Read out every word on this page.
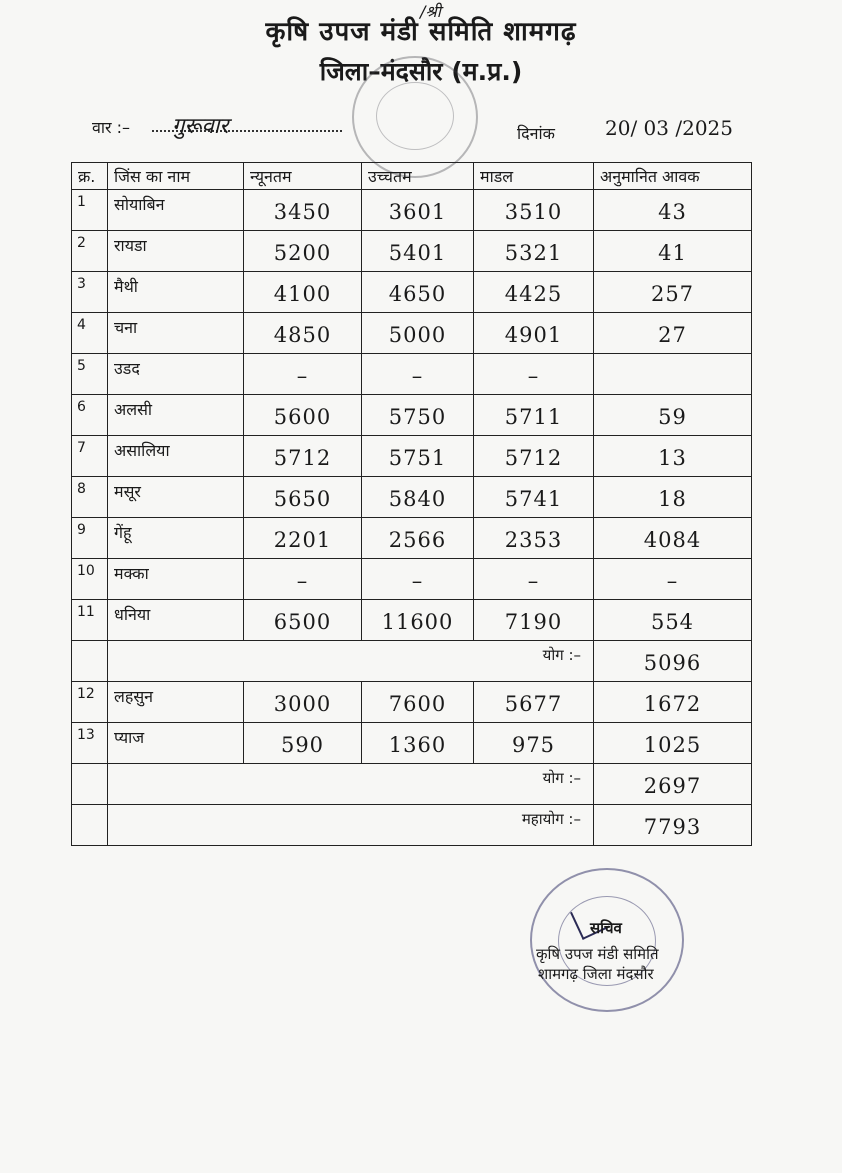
/श्री
कृषि उपज मंडी समिति शामगढ़
जिला–मंदसौर (म.प्र.)
वार :– गुरूवार	दिनांक	20/ 03 /2025
क्र.	जिंस का नाम	न्यूनतम	उच्चतम	माडल	अनुमानित आवक

1	सोयाबिन	3450	3601	3510	43

2	रायडा	5200	5401	5321	41

3	मैथी	4100	4650	4425	257

4	चना	4850	5000	4901	27

5	उडद	–	–	–	

6	अलसी	5600	5750	5711	59

7	असालिया	5712	5751	5712	13

8	मसूर	5650	5840	5741	18

9	गेंहू	2201	2566	2353	4084

10	मक्का	–	–	–	–

11	धनिया	6500	11600	7190	554

	योग :–				5096

12	लहसुन	3000	7600	5677	1672

13	प्याज	590	1360	975	1025

	योग :–				2697

	महायोग :–				7793
सचिव
कृषि उपज मंडी समिति
शामगढ़ जिला मंदसौर
